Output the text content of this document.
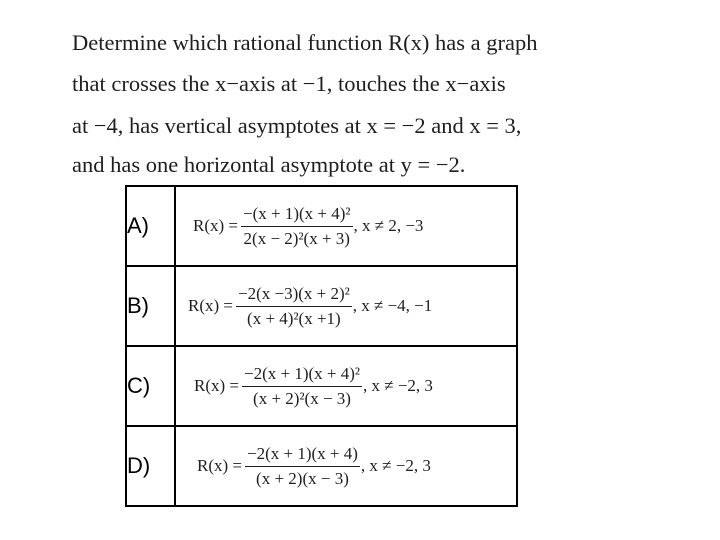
Determine which rational function R(x) has a graph
that crosses the x−axis at −1, touches the x−axis
at −4, has vertical asymptotes at x = −2 and x = 3,
and has one horizontal asymptote at y = −2.
A)	$R(x) = \frac{\text{−(x + 1)(x + 4)²}}{\text{2(x − 2)²(x + 3)}}$ , x ≠ 2, −3

B)	$R(x) = \frac{\text{−2(x −3)(x + 2)²}}{\text{(x + 4)²(x +1)}}$ , x ≠ −4, −1

C)	$R(x) = \frac{\text{−2(x + 1)(x + 4)²}}{\text{(x + 2)²(x − 3)}}$ , x ≠ −2, 3

D)	$R(x) = \frac{-2(x + 1)(x + 4)}{(x + 2)(x - 3)}$ , x ≠ −2, 3
